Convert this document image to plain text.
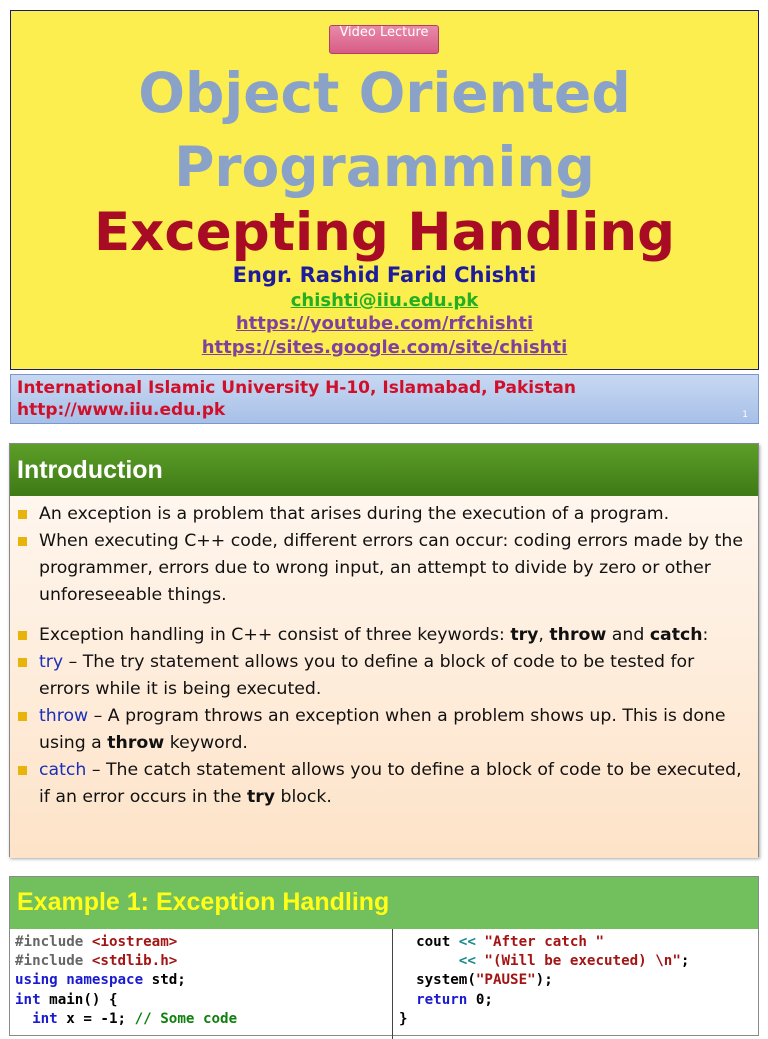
Video Lecture
Object Oriented
Programming
Excepting Handling
Engr. Rashid Farid Chishti
chishti@iiu.edu.pk
https://youtube.com/rfchishti
https://sites.google.com/site/chishti
International Islamic University H-10, Islamabad, Pakistan
http://www.iiu.edu.pk	1
Introduction
An exception is a problem that arises during the execution of a program.
When executing C++ code, different errors can occur: coding errors made by the programmer, errors due to wrong input, an attempt to divide by zero or other unforeseeable things.
Exception handling in C++ consist of three keywords: try, throw and catch:
try – The try statement allows you to define a block of code to be tested for errors while it is being executed.
throw – A program throws an exception when a problem shows up. This is done using a throw keyword.
catch – The catch statement allows you to define a block of code to be executed, if an error occurs in the try block.
Example 1: Exception Handling
#include <iostream>
#include <stdlib.h>
using namespace std;
int main() {
int x = -1; // Some code
cout << "After catch "
<< "(Will be executed) \n";
system("PAUSE");
return 0;
}
